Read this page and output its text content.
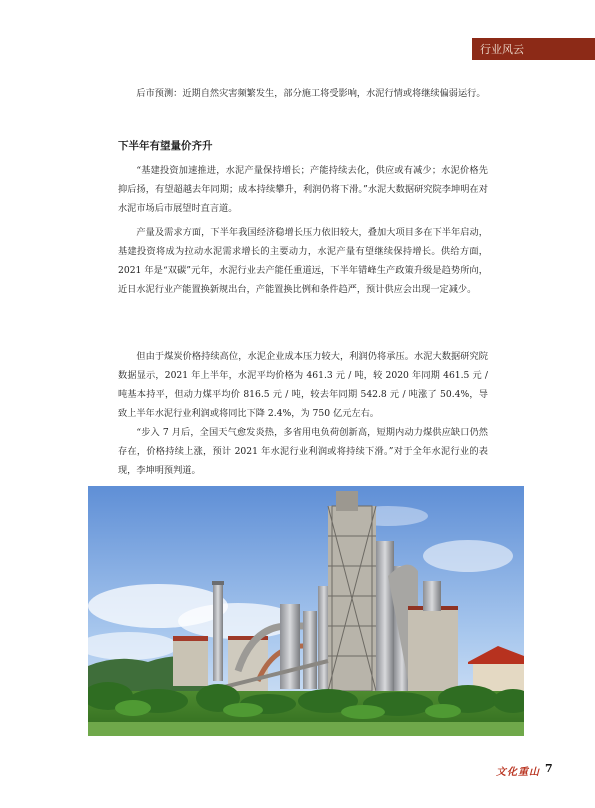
行业风云

后市预测：近期自然灾害频繁发生，部分施工将受影响，水泥行情或将继续偏弱运行。

下半年有望量价齐升

“基建投资加速推进，水泥产量保持增长；产能持续去化，供应或有减少；水泥价格先抑后扬，有望超越去年同期；成本持续攀升，利润仍将下滑。”水泥大数据研究院李坤明在对水泥市场后市展望时直言道。

产量及需求方面，下半年我国经济稳增长压力依旧较大，叠加大项目多在下半年启动，基建投资将成为拉动水泥需求增长的主要动力，水泥产量有望继续保持增长。供给方面，2021 年是“双碳”元年，水泥行业去产能任重道远，下半年错峰生产政策升级是趋势所向，近日水泥行业产能置换新规出台，产能置换比例和条件趋严，预计供应会出现一定减少。

但由于煤炭价格持续高位，水泥企业成本压力较大，利润仍将承压。水泥大数据研究院数据显示，2021 年上半年，水泥平均价格为 461.3 元 / 吨，较 2020 年同期 461.5 元 / 吨基本持平，但动力煤平均价 816.5 元 / 吨，较去年同期 542.8 元 / 吨涨了 50.4%，导致上半年水泥行业利润或将同比下降 2.4%，为 750 亿元左右。

“步入 7 月后，全国天气愈发炎热，多省用电负荷创新高，短期内动力煤供应缺口仍然存在，价格持续上涨，预计 2021 年水泥行业利润或将持续下滑。”对于全年水泥行业的表现，李坤明预判道。

文化重山 7
